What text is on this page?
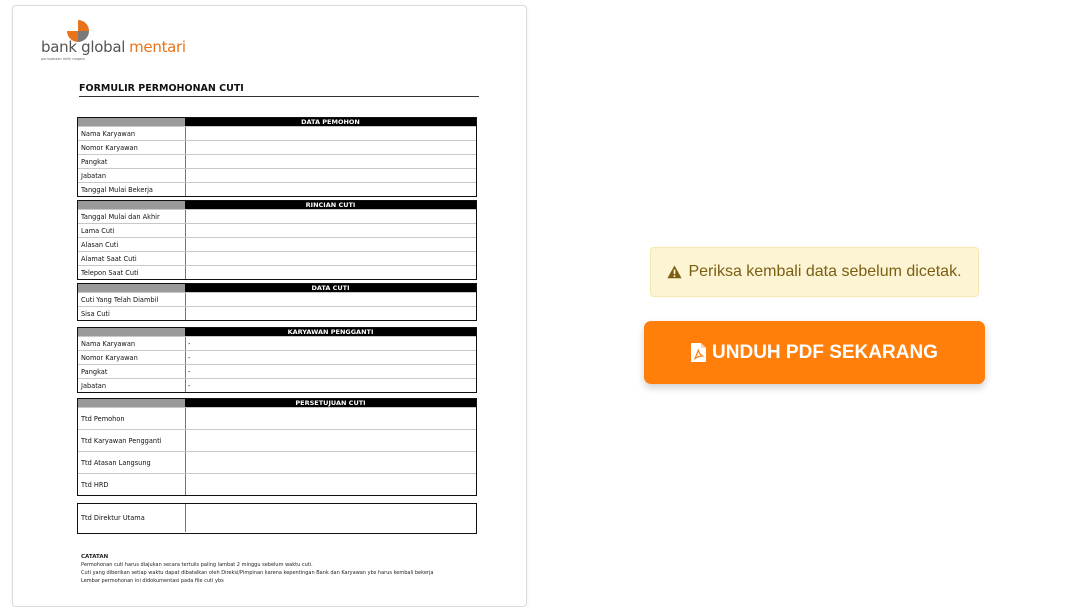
bank global mentari
perusahaan milik negara
FORMULIR PERMOHONAN CUTI
DATA PEMOHON
Nama Karyawan
Nomor Karyawan
Pangkat
Jabatan
Tanggal Mulai Bekerja
RINCIAN CUTI
Tanggal Mulai dan Akhir
Lama Cuti
Alasan Cuti
Alamat Saat Cuti
Telepon Saat Cuti
DATA CUTI
Cuti Yang Telah Diambil
Sisa Cuti
KARYAWAN PENGGANTI
Nama Karyawan	-
Nomor Karyawan	-
Pangkat	-
Jabatan	-
PERSETUJUAN CUTI
Ttd Pemohon
Ttd Karyawan Pengganti
Ttd Atasan Langsung
Ttd HRD
Ttd Direktur Utama
CATATAN
Permohonan cuti harus diajukan secara tertulis paling lambat 2 minggu sebelum waktu cuti.
Cuti yang diberikan setiap waktu dapat dibatalkan oleh Direksi/Pimpinan karena kepentingan Bank dan Karyawan ybs harus kembali bekerja
Lembar permohonan ini didokumentasi pada file cuti ybs
Periksa kembali data sebelum dicetak.
UNDUH PDF SEKARANG
